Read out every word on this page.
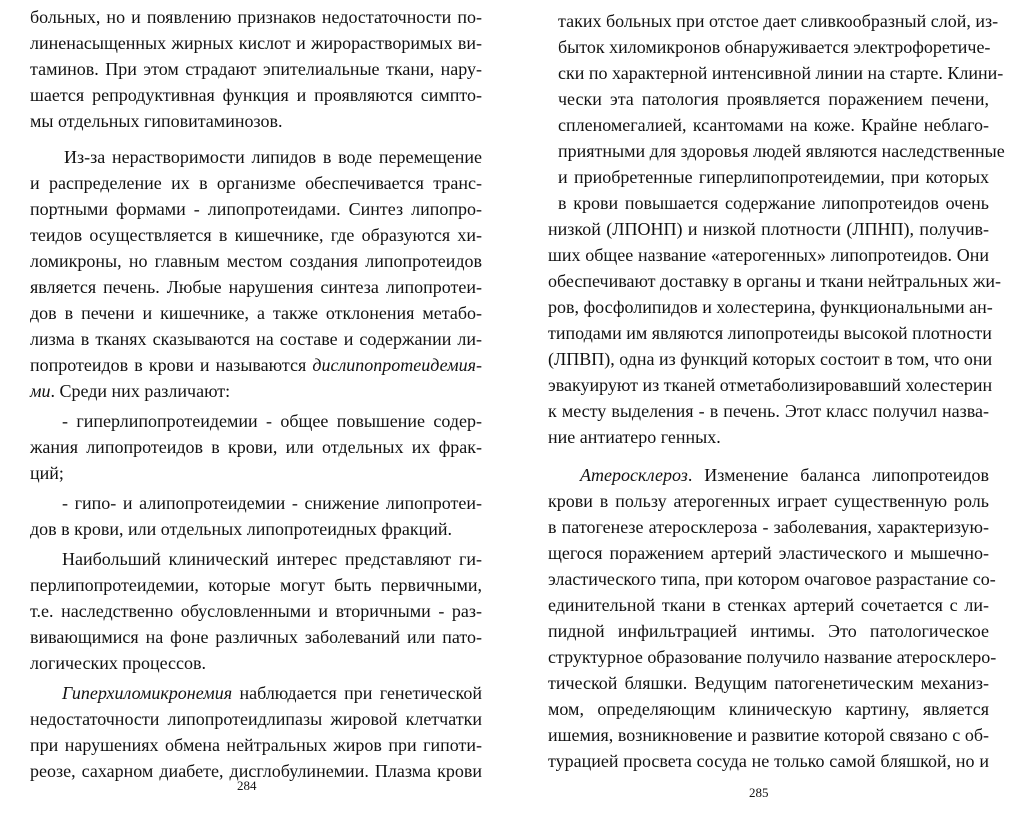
больных, но и появлению признаков недостаточности по-
линенасыщенных жирных кислот и жирорастворимых ви-
таминов. При этом страдают эпителиальные ткани, нару-
шается репродуктивная функция и проявляются симпто-
мы отдельных гиповитаминозов.
Из-за нерастворимости липидов в воде перемещение
и распределение их в организме обеспечивается транс-
портными формами - липопротеидами. Синтез липопро-
теидов осуществляется в кишечнике, где образуются хи-
ломикроны, но главным местом создания липопротеидов
является печень. Любые нарушения синтеза липопротеи-
дов в печени и кишечнике, а также отклонения метабо-
лизма в тканях сказываются на составе и содержании ли-
попротеидов в крови и называются дислипопротеидемия-
ми. Среди них различают:
- гиперлипопротеидемии - общее повышение содер-
жания липопротеидов в крови, или отдельных их фрак-
ций;
- гипо- и алипопротеидемии - снижение липопротеи-
дов в крови, или отдельных липопротеидных фракций.
Наибольший клинический интерес представляют ги-
перлипопротеидемии, которые могут быть первичными,
т.е. наследственно обусловленными и вторичными - раз-
вивающимися на фоне различных заболеваний или пато-
логических процессов.
Гиперхиломикронемия наблюдается при генетической
недостаточности липопротеидлипазы жировой клетчатки
при нарушениях обмена нейтральных жиров при гипоти-
реозе, сахарном диабете, дисглобулинемии. Плазма крови
284
таких больных при отстое дает сливкообразный слой, из-
быток хиломикронов обнаруживается электрофоретиче-
ски по характерной интенсивной линии на старте. Клини-
чески эта патология проявляется поражением печени,
спленомегалией, ксантомами на коже. Крайне неблаго-
приятными для здоровья людей являются наследственные
и приобретенные гиперлипопротеидемии, при которых
в крови повышается содержание липопротеидов очень
низкой (ЛПОНП) и низкой плотности (ЛПНП), получив-
ших общее название «атерогенных» липопротеидов. Они
обеспечивают доставку в органы и ткани нейтральных жи-
ров, фосфолипидов и холестерина, функциональными ан-
типодами им являются липопротеиды высокой плотности
(ЛПВП), одна из функций которых состоит в том, что они
эвакуируют из тканей отметаболизировавший холестерин
к месту выделения - в печень. Этот класс получил назва-
ние антиатеро генных.
Атеросклероз. Изменение баланса липопротеидов
крови в пользу атерогенных играет существенную роль
в патогенезе атеросклероза - заболевания, характеризую-
щегося поражением артерий эластического и мышечно-
эластического типа, при котором очаговое разрастание со-
единительной ткани в стенках артерий сочетается с ли-
пидной инфильтрацией интимы. Это патологическое
структурное образование получило название атеросклеро-
тической бляшки. Ведущим патогенетическим механиз-
мом, определяющим клиническую картину, является
ишемия, возникновение и развитие которой связано с об-
турацией просвета сосуда не только самой бляшкой, но и
285
